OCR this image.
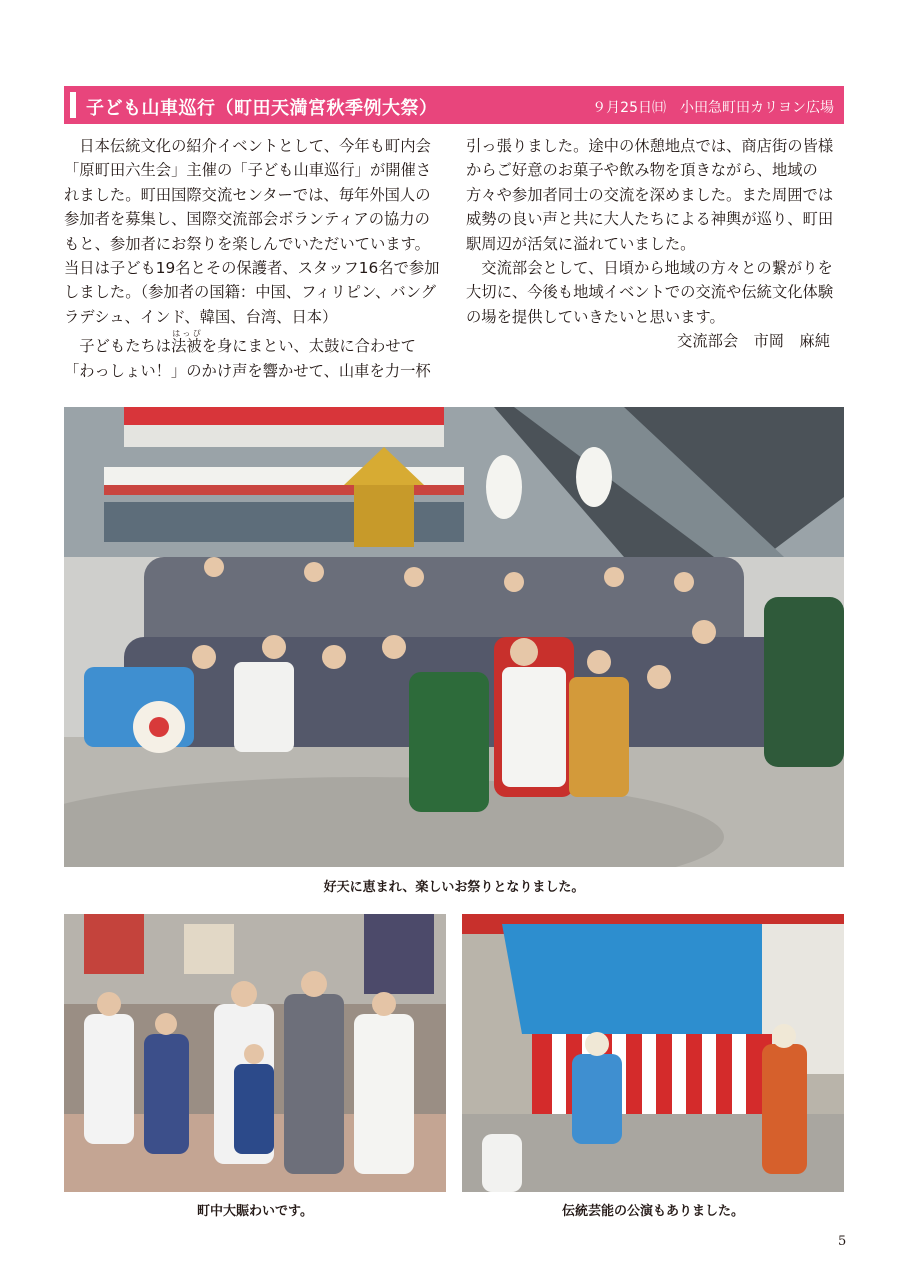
子ども山車巡行（町田天満宮秋季例大祭）	９月25日㈰　小田急町田カリヨン広場

日本伝統文化の紹介イベントとして、今年も町内会「原町田六生会」主催の「子ども山車巡行」が開催されました。町田国際交流センターでは、毎年外国人の参加者を募集し、国際交流部会ボランティアの協力のもと、参加者にお祭りを楽しんでいただいています。当日は子ども19名とその保護者、スタッフ16名で参加しました。（参加者の国籍：中国、フィリピン、バングラデシュ、インド、韓国、台湾、日本）

子どもたちは法被はっぴを身にまとい、太鼓に合わせて「わっしょい！」のかけ声を響かせて、山車を力一杯

引っ張りました。途中の休憩地点では、商店街の皆様からご好意のお菓子や飲み物を頂きながら、地域の方々や参加者同士の交流を深めました。また周囲では威勢の良い声と共に大人たちによる神輿が巡り、町田駅周辺が活気に溢れていました。

交流部会として、日頃から地域の方々との繋がりを大切に、今後も地域イベントでの交流や伝統文化体験の場を提供していきたいと思います。

交流部会　市岡　麻純

好天に恵まれ、楽しいお祭りとなりました。
町中大賑わいです。	伝統芸能の公演もありました。
5
